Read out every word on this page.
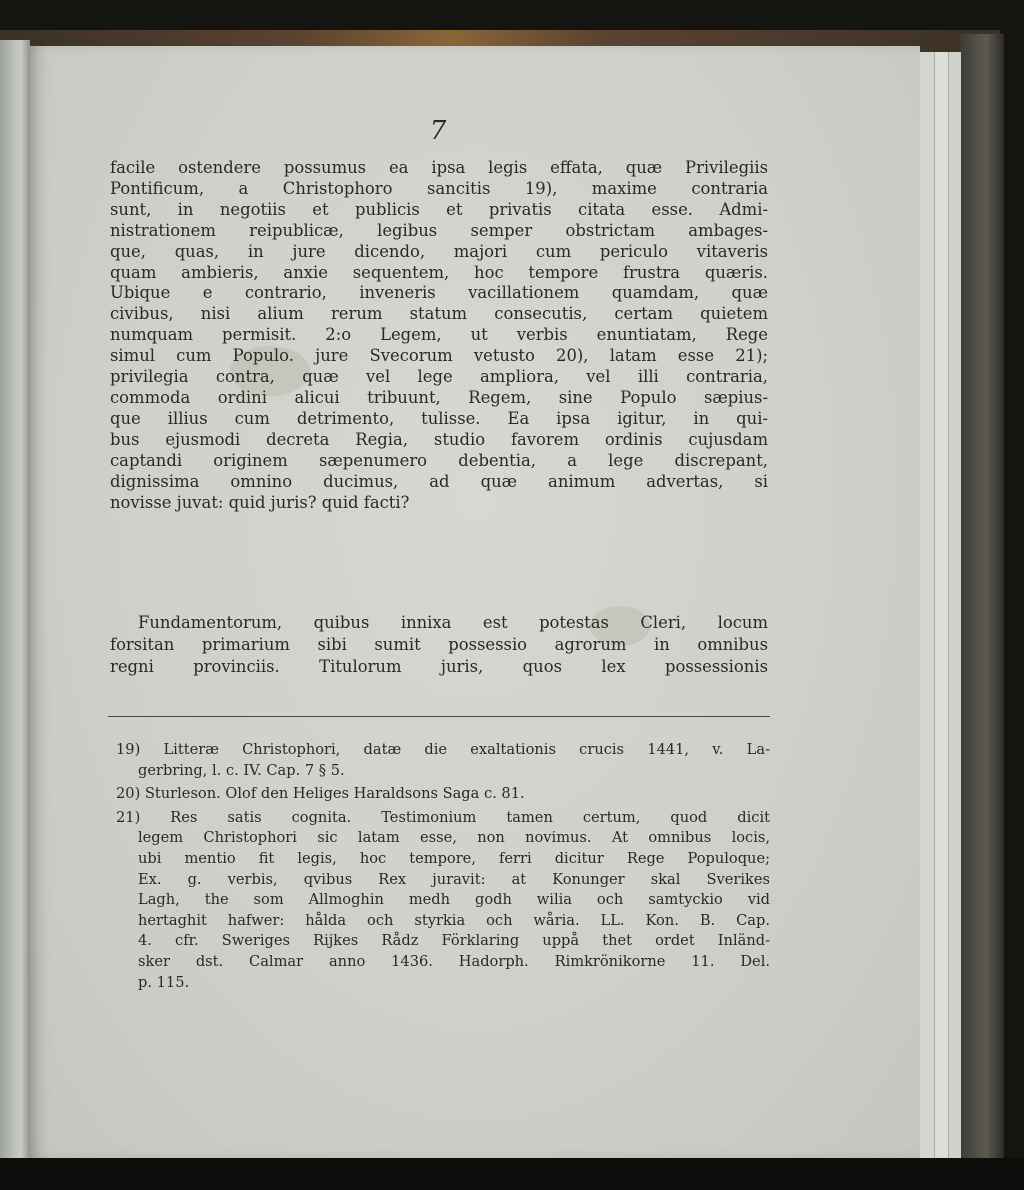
7
facile ostendere possumus ea ipsa legis effata, quæ Privilegiis
Pontificum, a Christophoro sancitis 19), maxime contraria
sunt, in negotiis et publicis et privatis citata esse. Admi-
nistrationem reipublicæ, legibus semper obstrictam ambages-
que, quas, in jure dicendo, majori cum periculo vitaveris
quam ambieris, anxie sequentem, hoc tempore frustra quæris.
Ubique e contrario, inveneris vacillationem quamdam, quæ
civibus, nisi alium rerum statum consecutis, certam quietem
numquam permisit. 2:o Legem, ut verbis enuntiatam, Rege
simul cum Populo. jure Svecorum vetusto 20), latam esse 21);
privilegia contra, quæ vel lege ampliora, vel illi contraria,
commoda ordini alicui tribuunt, Regem, sine Populo sæpius-
que illius cum detrimento, tulisse. Ea ipsa igitur, in qui-
bus ejusmodi decreta Regia, studio favorem ordinis cujusdam
captandi originem sæpenumero debentia, a lege discrepant,
dignissima omnino ducimus, ad quæ animum advertas, si
novisse juvat: quid juris? quid facti?
Fundamentorum, quibus innixa est potestas Cleri, locum
forsitan primarium sibi sumit possessio agrorum in omnibus
regni provinciis. Titulorum juris, quos lex possessionis
19) Litteræ Christophori, datæ die exaltationis crucis 1441, v. La-
gerbring, l. c. IV. Cap. 7 § 5.
20) Sturleson. Olof den Heliges Haraldsons Saga c. 81.
21) Res satis cognita. Testimonium tamen certum, quod dicit
legem Christophori sic latam esse, non novimus. At omnibus locis,
ubi mentio fit legis, hoc tempore, ferri dicitur Rege Populoque;
Ex. g. verbis, qvibus Rex juravit: at Konunger skal Sverikes
Lagh, the som Allmoghin medh godh wilia och samtyckio vid
hertaghit hafwer: hålda och styrkia och wåria. LL. Kon. B. Cap.
4. cfr. Sweriges Rijkes Rådz Förklaring uppå thet ordet Inländ-
sker dst. Calmar anno 1436. Hadorph. Rimkrönikorne 11. Del.
p. 115.
